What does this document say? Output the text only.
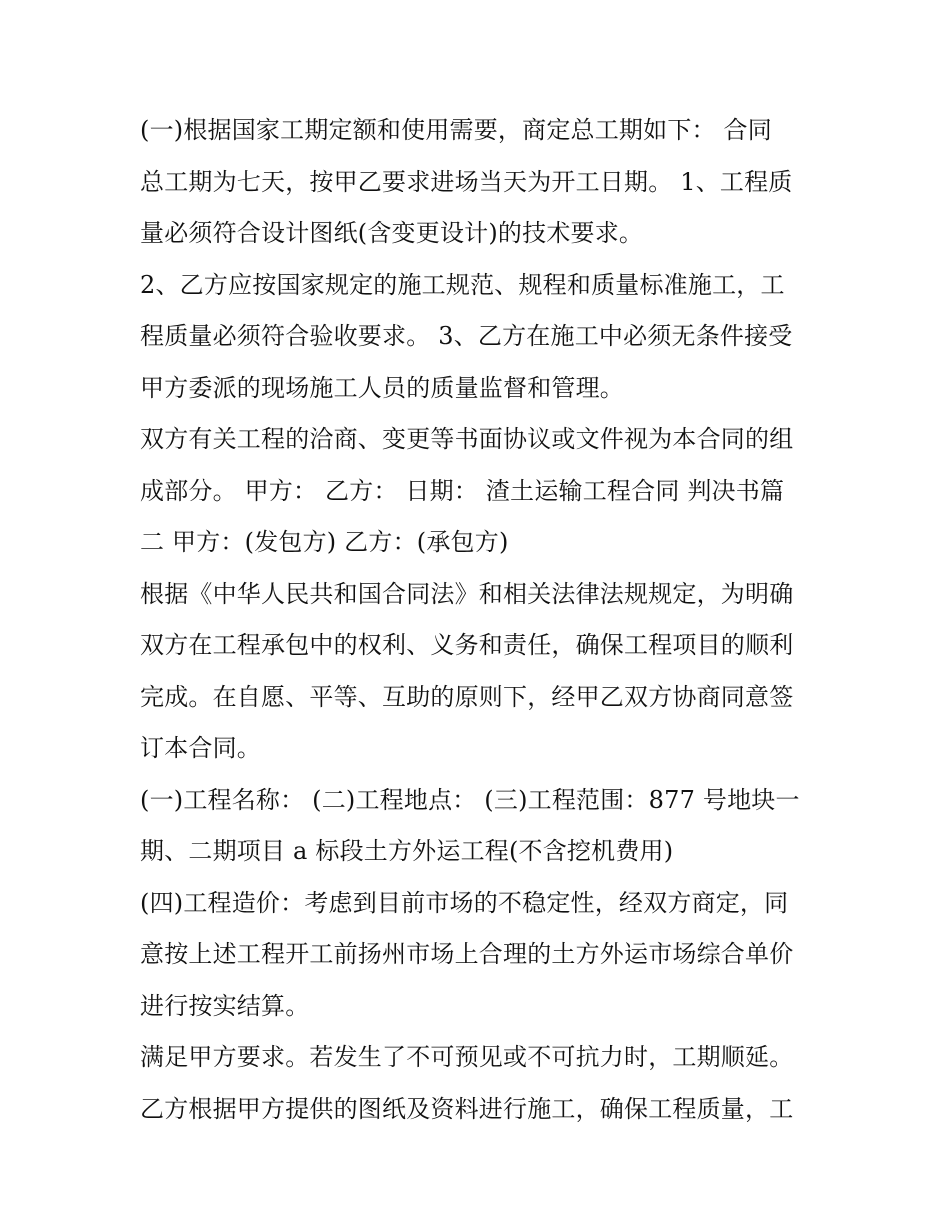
(一)根据国家工期定额和使用需要，商定总工期如下： 合同
总工期为七天，按甲乙要求进场当天为开工日期。 1、工程质
量必须符合设计图纸(含变更设计)的技术要求。
2、乙方应按国家规定的施工规范、规程和质量标准施工，工
程质量必须符合验收要求。 3、乙方在施工中必须无条件接受
甲方委派的现场施工人员的质量监督和管理。
双方有关工程的洽商、变更等书面协议或文件视为本合同的组
成部分。 甲方： 乙方： 日期： 渣土运输工程合同 判决书篇
二 甲方：(发包方) 乙方：(承包方)
根据《中华人民共和国合同法》和相关法律法规规定，为明确
双方在工程承包中的权利、义务和责任，确保工程项目的顺利
完成。在自愿、平等、互助的原则下，经甲乙双方协商同意签
订本合同。
(一)工程名称： (二)工程地点： (三)工程范围：877 号地块一
期、二期项目 a 标段土方外运工程(不含挖机费用)
(四)工程造价：考虑到目前市场的不稳定性，经双方商定，同
意按上述工程开工前扬州市场上合理的土方外运市场综合单价
进行按实结算。
满足甲方要求。若发生了不可预见或不可抗力时，工期顺延。
乙方根据甲方提供的图纸及资料进行施工，确保工程质量，工
